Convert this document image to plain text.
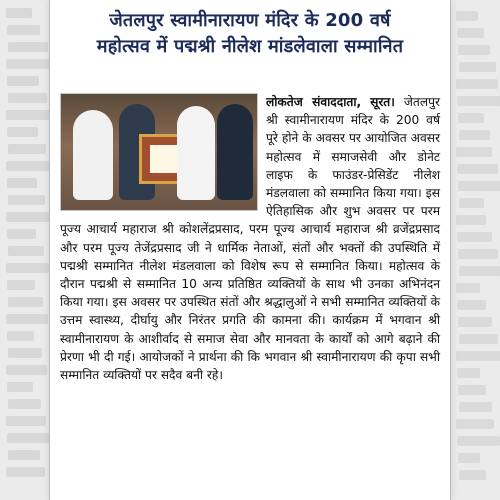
जेतलपुर स्वामीनारायण मंदिर के 200 वर्ष
महोत्सव में पद्मश्री नीलेश मांडलेवाला सम्मानित

लोकतेज संवाददाता, सूरत। जेतलपुर श्री स्वामीनारायण मंदिर के 200 वर्ष पूरे होने के अवसर पर आयोजित अवसर महोत्सव में समाजसेवी और डोनेट लाइफ के फाउंडर-प्रेसिडेंट नीलेश मंडलवाला को सम्मानित किया गया। इस ऐतिहासिक और शुभ अवसर पर परम पूज्य आचार्य महाराज श्री कोशलेंद्रप्रसाद, परम पूज्य आचार्य महाराज श्री व्रजेंद्रप्रसाद और परम पूज्य तेजेंद्रप्रसाद जी ने धार्मिक नेताओं, संतों और भक्तों की उपस्थिति में पद्मश्री सम्मानित नीलेश मंडलवाला को विशेष रूप से सम्मानित किया। महोत्सव के दौरान पद्मश्री से सम्मानित 10 अन्य प्रतिष्ठित व्यक्तियों के साथ भी उनका अभिनंदन किया गया। इस अवसर पर उपस्थित संतों और श्रद्धालुओं ने सभी सम्मानित व्यक्तियों के उत्तम स्वास्थ्य, दीर्घायु और निरंतर प्रगति की कामना की। कार्यक्रम में भगवान श्री स्वामीनारायण के आशीर्वाद से समाज सेवा और मानवता के कार्यों को आगे बढ़ाने की प्रेरणा भी दी गई। आयोजकों ने प्रार्थना की कि भगवान श्री स्वामीनारायण की कृपा सभी सम्मानित व्यक्तियों पर सदैव बनी रहे।
